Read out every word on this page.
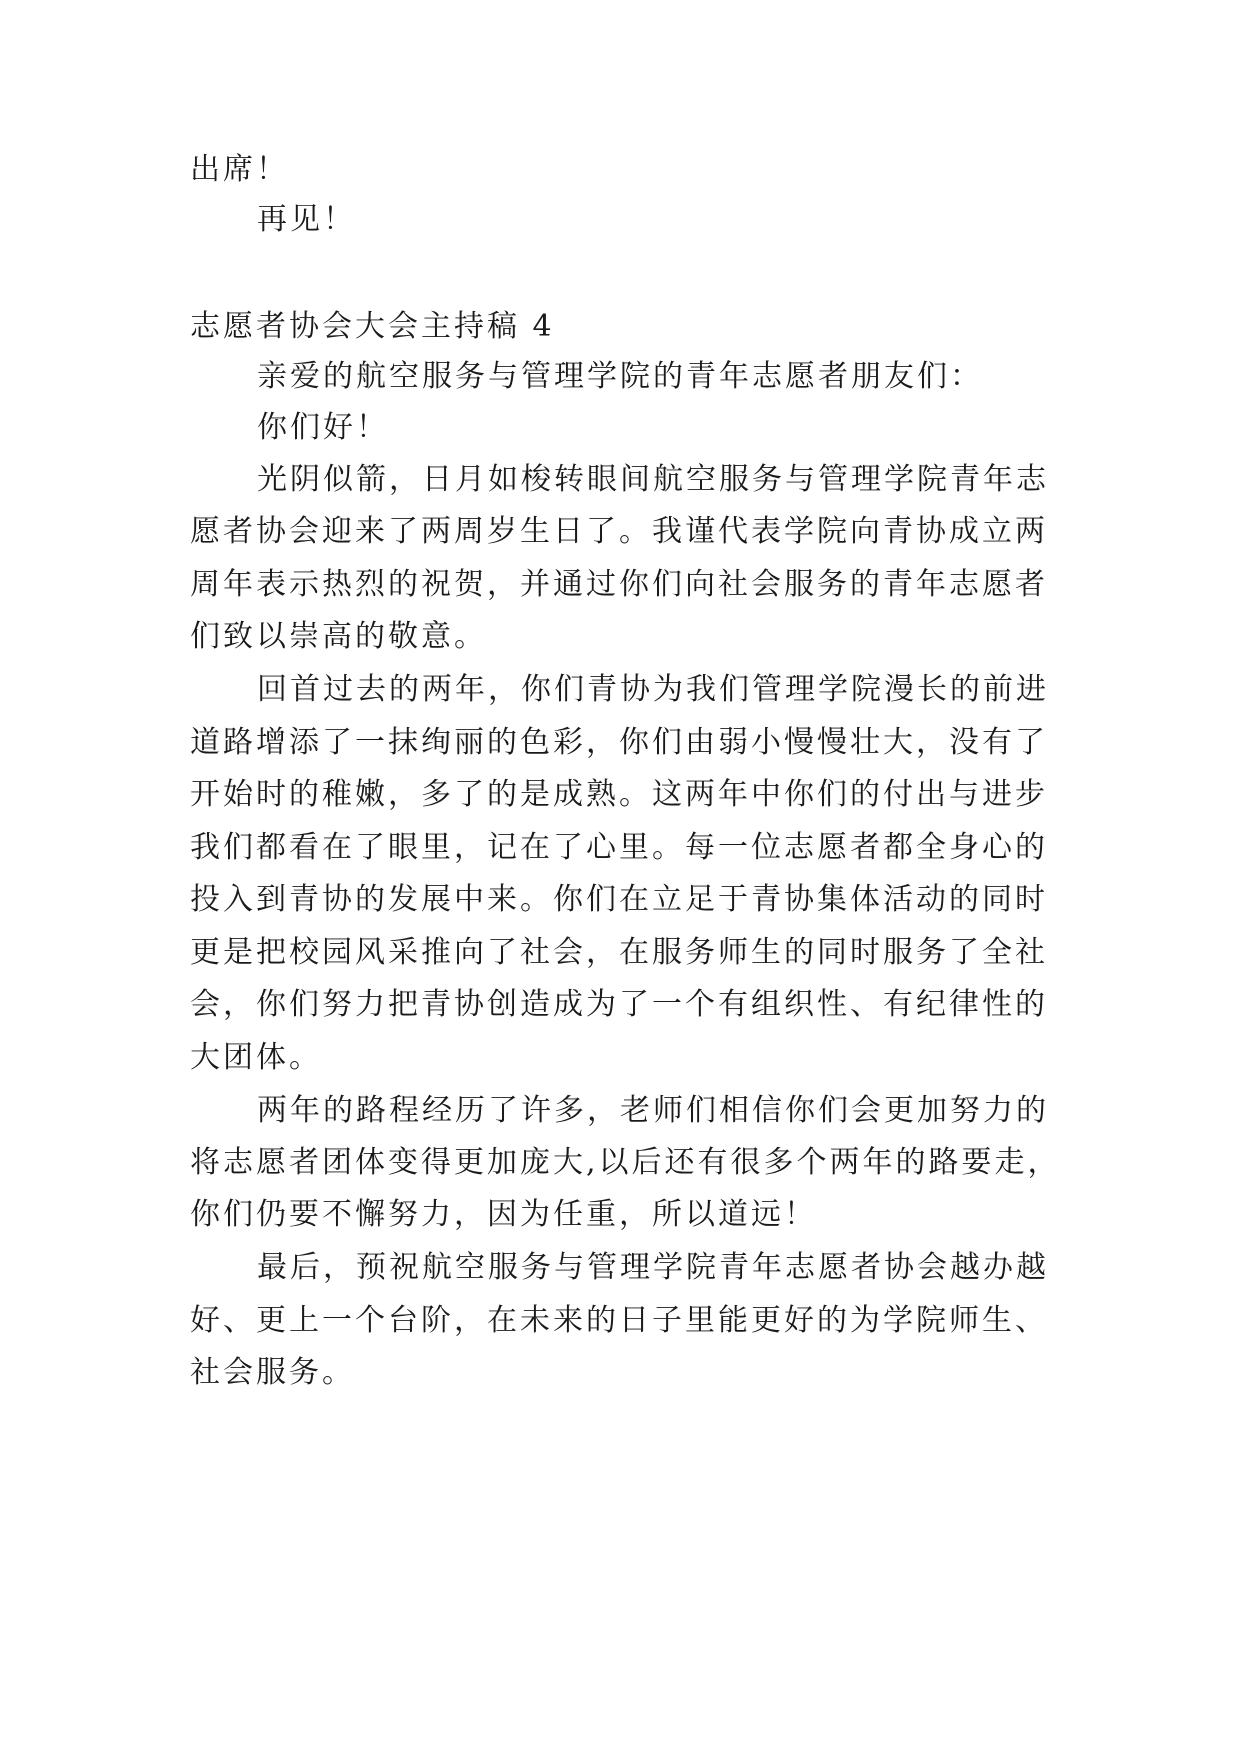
出席！
再见！
志愿者协会大会主持稿 4
亲爱的航空服务与管理学院的青年志愿者朋友们：
你们好！
光阴似箭，日月如梭转眼间航空服务与管理学院青年志
愿者协会迎来了两周岁生日了。我谨代表学院向青协成立两
周年表示热烈的祝贺，并通过你们向社会服务的青年志愿者
们致以崇高的敬意。
回首过去的两年，你们青协为我们管理学院漫长的前进
道路增添了一抹绚丽的色彩，你们由弱小慢慢壮大，没有了
开始时的稚嫩，多了的是成熟。这两年中你们的付出与进步
我们都看在了眼里，记在了心里。每一位志愿者都全身心的
投入到青协的发展中来。你们在立足于青协集体活动的同时
更是把校园风采推向了社会，在服务师生的同时服务了全社
会，你们努力把青协创造成为了一个有组织性、有纪律性的
大团体。
两年的路程经历了许多，老师们相信你们会更加努力的
将志愿者团体变得更加庞大,以后还有很多个两年的路要走，
你们仍要不懈努力，因为任重，所以道远！
最后，预祝航空服务与管理学院青年志愿者协会越办越
好、更上一个台阶，在未来的日子里能更好的为学院师生、
社会服务。
